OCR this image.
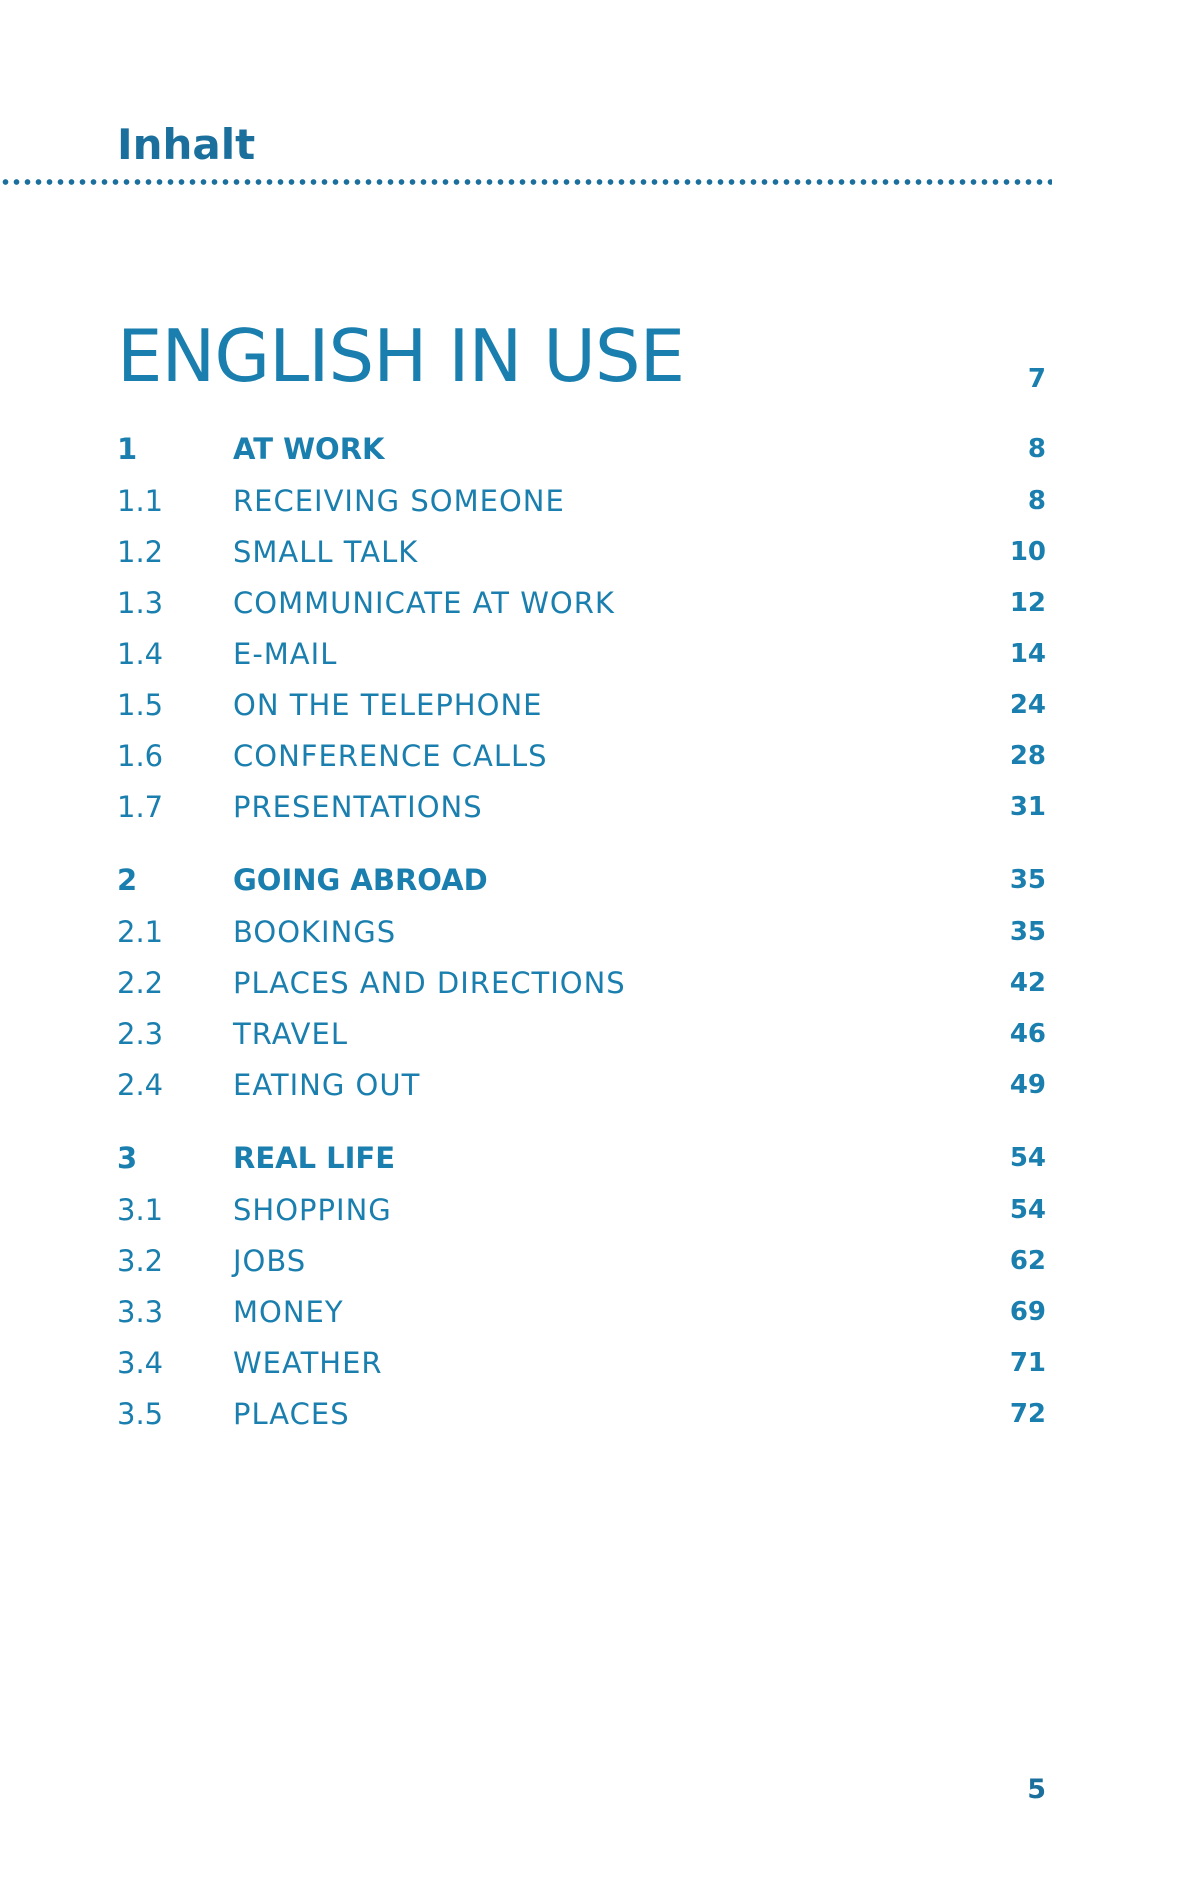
Inhalt
ENGLISH IN USE	7
1	AT WORK	8
1.1	RECEIVING SOMEONE	8
1.2	SMALL TALK	10
1.3	COMMUNICATE AT WORK	12
1.4	E-MAIL	14
1.5	ON THE TELEPHONE	24
1.6	CONFERENCE CALLS	28
1.7	PRESENTATIONS	31
2	GOING ABROAD	35
2.1	BOOKINGS	35
2.2	PLACES AND DIRECTIONS	42
2.3	TRAVEL	46
2.4	EATING OUT	49
3	REAL LIFE	54
3.1	SHOPPING	54
3.2	JOBS	62
3.3	MONEY	69
3.4	WEATHER	71
3.5	PLACES	72
5
